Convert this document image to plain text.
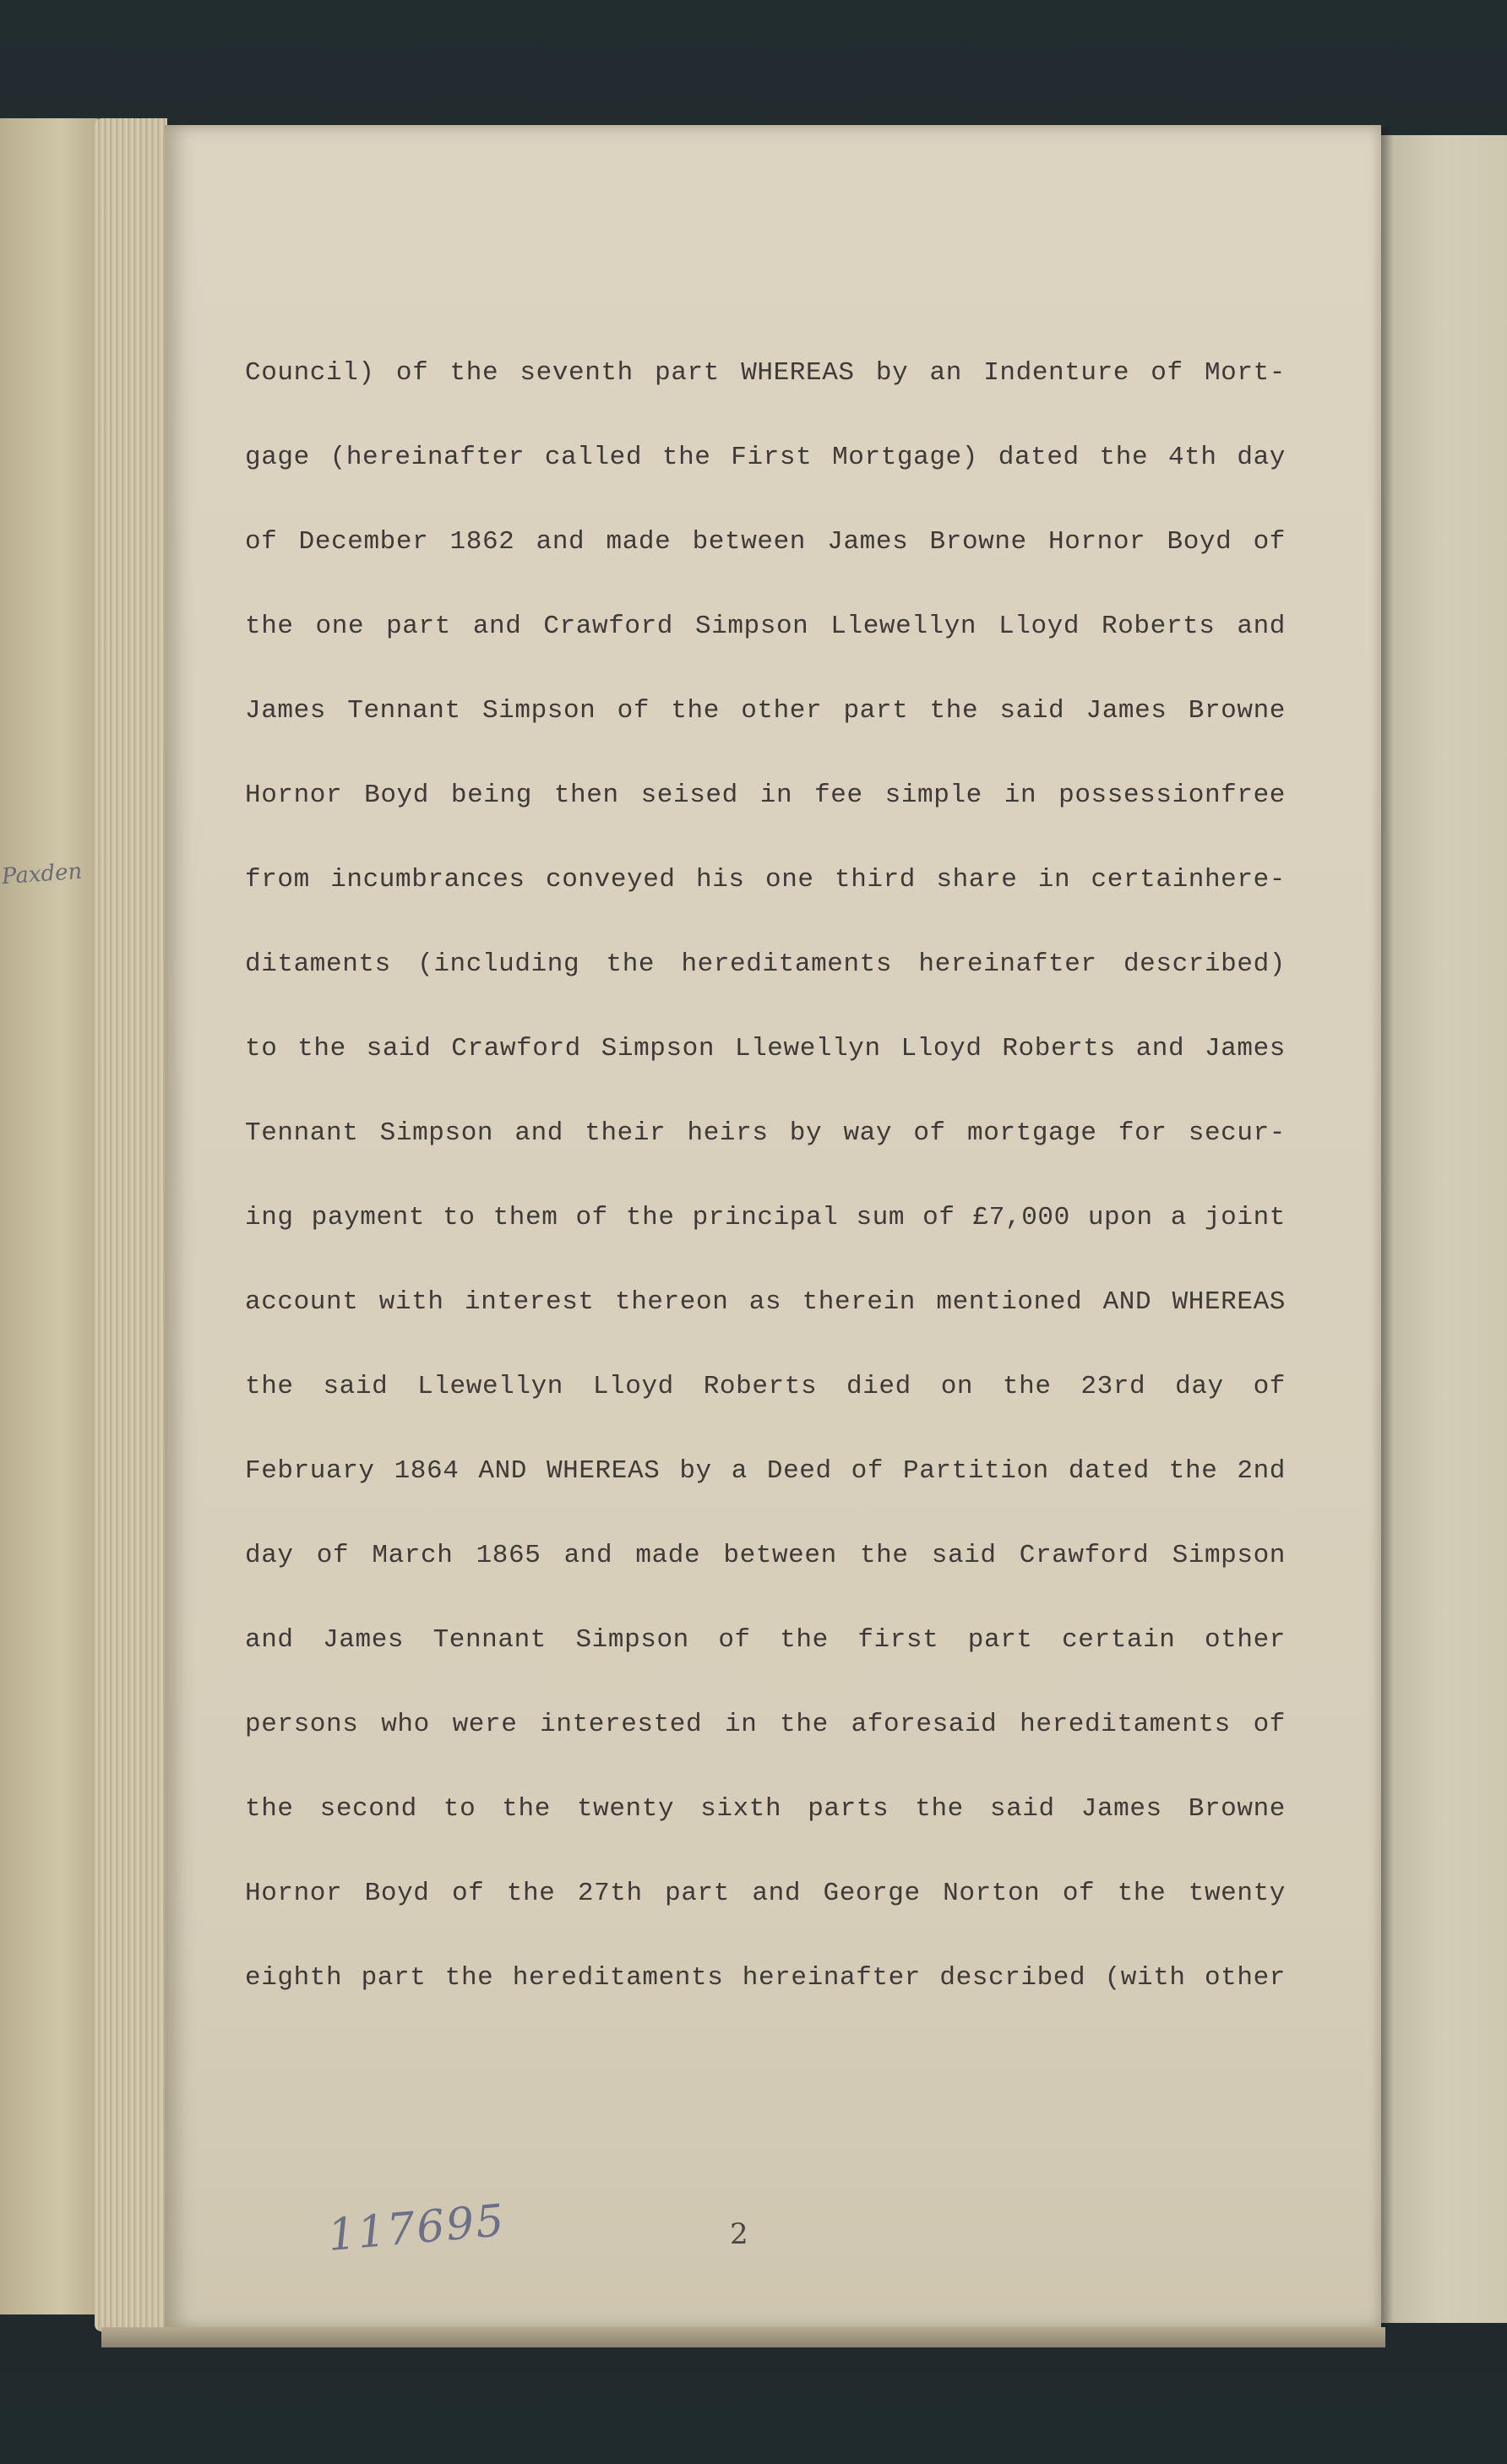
Paxden
Council) of the seventh part WHEREAS by an Indenture of Mort-
gage (hereinafter called the First Mortgage) dated the 4th day
of December 1862 and made between James Browne Hornor Boyd of
the one part and Crawford Simpson Llewellyn Lloyd Roberts and
James Tennant Simpson of the other part the said James Browne
Hornor Boyd being then seised in fee simple in possessionfree
from incumbrances conveyed his one third share in certainhere-
ditaments (including the hereditaments hereinafter described)
to the said Crawford Simpson Llewellyn Lloyd Roberts and James
Tennant Simpson and their heirs by way of mortgage for secur-
ing payment to them of the principal sum of £7,000 upon a joint
account with interest thereon as therein mentioned AND WHEREAS
the said Llewellyn Lloyd Roberts died on the 23rd day of
February 1864 AND WHEREAS by a Deed of Partition dated the 2nd
day of March 1865 and made between the said Crawford Simpson
and James Tennant Simpson of the first part certain other
persons who were interested in the aforesaid hereditaments of
the second to the twenty sixth parts the said James Browne
Hornor Boyd of the 27th part and George Norton of the twenty
eighth part the hereditaments hereinafter described (with other
117695	2
